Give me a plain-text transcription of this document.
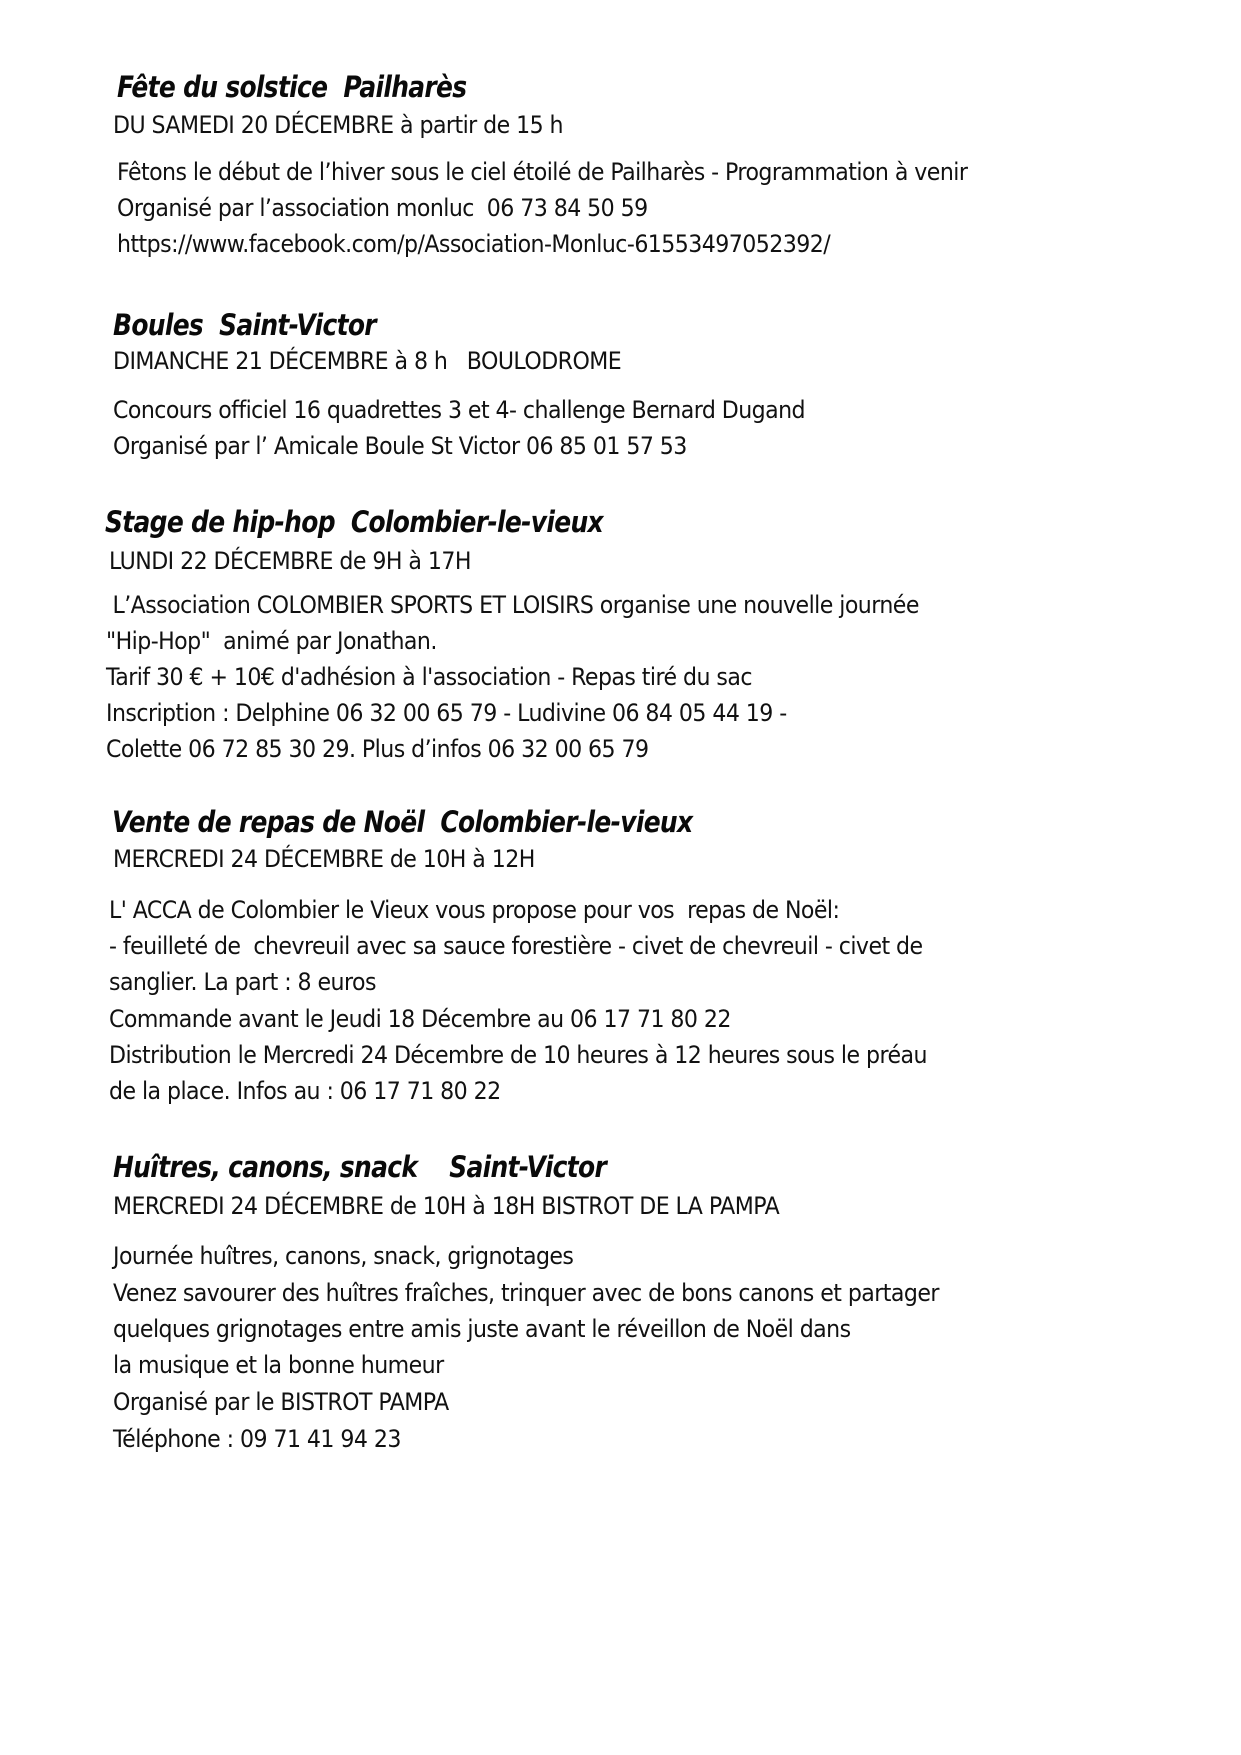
Fête du solstice  Pailharès
DU SAMEDI 20 DÉCEMBRE à partir de 15 h
Fêtons le début de l’hiver sous le ciel étoilé de Pailharès - Programmation à venir
Organisé par l’association monluc  06 73 84 50 59
https://www.facebook.com/p/Association-Monluc-61553497052392/
Boules  Saint-Victor
DIMANCHE 21 DÉCEMBRE à 8 h   BOULODROME
Concours officiel 16 quadrettes 3 et 4- challenge Bernard Dugand
Organisé par l’ Amicale Boule St Victor 06 85 01 57 53
Stage de hip-hop  Colombier-le-vieux
LUNDI 22 DÉCEMBRE de 9H à 17H
L’Association COLOMBIER SPORTS ET LOISIRS organise une nouvelle journée
"Hip-Hop"  animé par Jonathan.
Tarif 30 € + 10€ d'adhésion à l'association - Repas tiré du sac
Inscription : Delphine 06 32 00 65 79 - Ludivine 06 84 05 44 19 -
Colette 06 72 85 30 29. Plus d’infos 06 32 00 65 79
Vente de repas de Noël  Colombier-le-vieux
MERCREDI 24 DÉCEMBRE de 10H à 12H
L' ACCA de Colombier le Vieux vous propose pour vos  repas de Noël:
- feuilleté de  chevreuil avec sa sauce forestière - civet de chevreuil - civet de
sanglier. La part : 8 euros
Commande avant le Jeudi 18 Décembre au 06 17 71 80 22
Distribution le Mercredi 24 Décembre de 10 heures à 12 heures sous le préau
de la place. Infos au : 06 17 71 80 22
Huîtres, canons, snack    Saint-Victor
MERCREDI 24 DÉCEMBRE de 10H à 18H BISTROT DE LA PAMPA
Journée huîtres, canons, snack, grignotages
Venez savourer des huîtres fraîches, trinquer avec de bons canons et partager
quelques grignotages entre amis juste avant le réveillon de Noël dans
la musique et la bonne humeur
Organisé par le BISTROT PAMPA
Téléphone : 09 71 41 94 23
